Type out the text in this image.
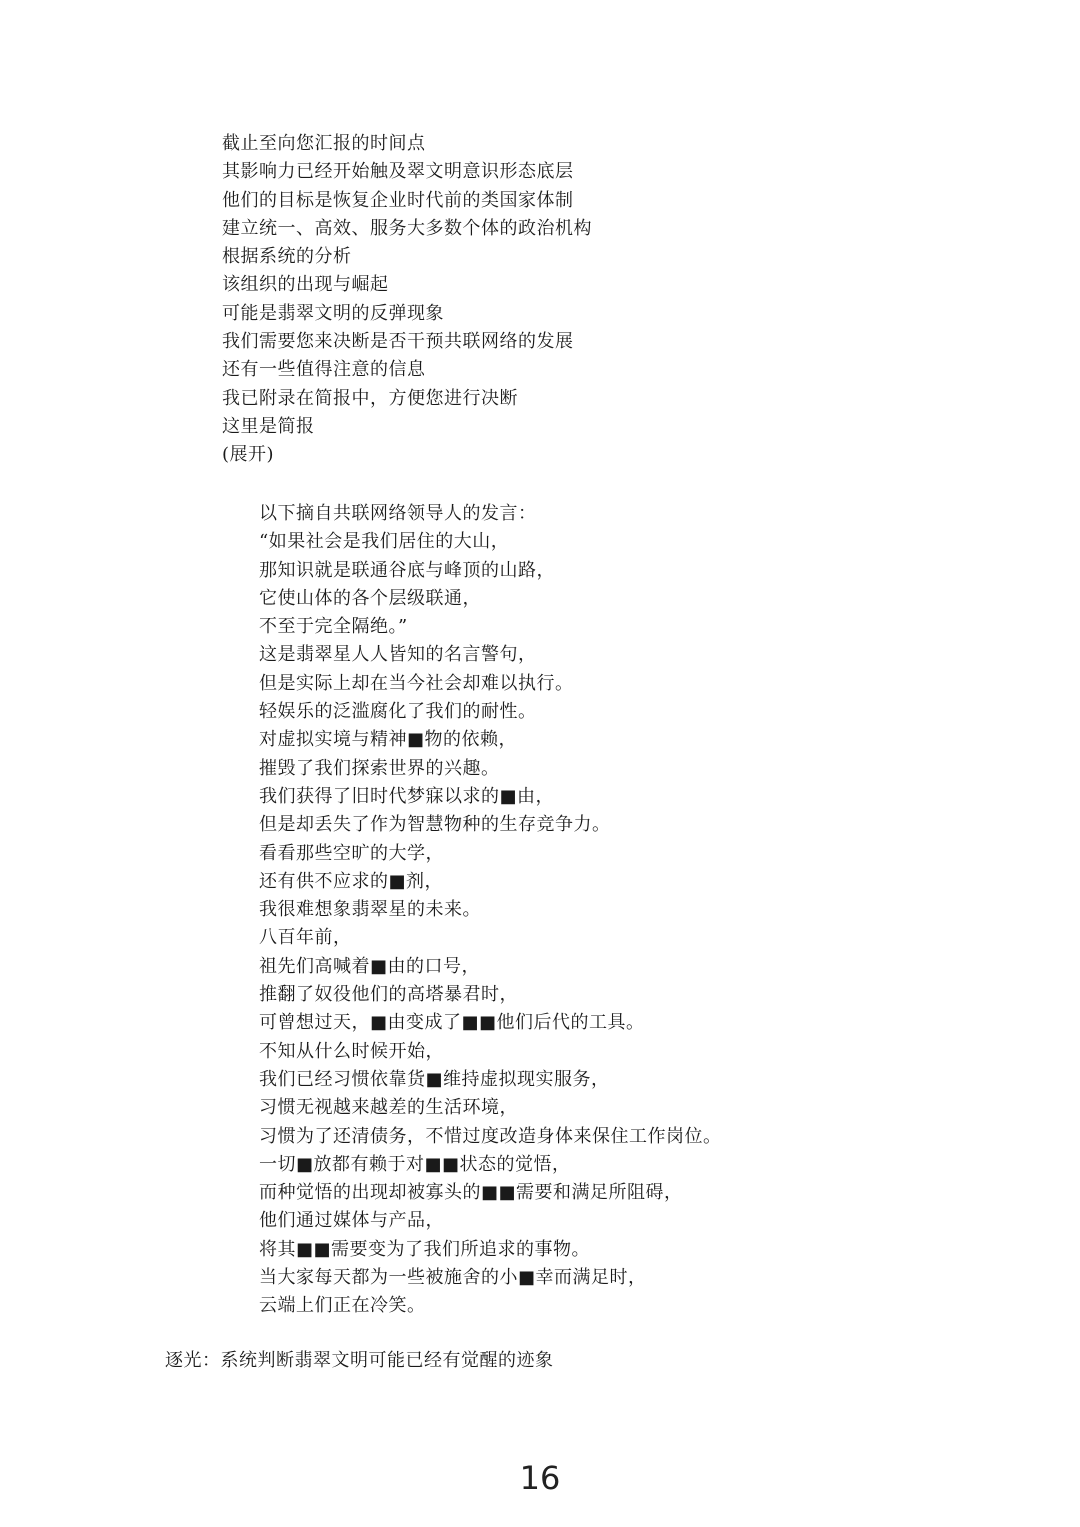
截止至向您汇报的时间点
其影响力已经开始触及翠文明意识形态底层
他们的目标是恢复企业时代前的类国家体制
建立统一、高效、服务大多数个体的政治机构
根据系统的分析
该组织的出现与崛起
可能是翡翠文明的反弹现象
我们需要您来决断是否干预共联网络的发展
还有一些值得注意的信息
我已附录在简报中，方便您进行决断
这里是简报
(展开)
以下摘自共联网络领导人的发言：
“如果社会是我们居住的大山，
那知识就是联通谷底与峰顶的山路，
它使山体的各个层级联通，
不至于完全隔绝。”
这是翡翠星人人皆知的名言警句，
但是实际上却在当今社会却难以执行。
轻娱乐的泛滥腐化了我们的耐性。
对虚拟实境与精神■物的依赖，
摧毁了我们探索世界的兴趣。
我们获得了旧时代梦寐以求的■由，
但是却丢失了作为智慧物种的生存竞争力。
看看那些空旷的大学，
还有供不应求的■剂，
我很难想象翡翠星的未来。
八百年前，
祖先们高喊着■由的口号，
推翻了奴役他们的高塔暴君时，
可曾想过天，■由变成了■■他们后代的工具。
不知从什么时候开始，
我们已经习惯依靠货■维持虚拟现实服务，
习惯无视越来越差的生活环境，
习惯为了还清债务，不惜过度改造身体来保住工作岗位。
一切■放都有赖于对■■状态的觉悟，
而种觉悟的出现却被寡头的■■需要和满足所阻碍，
他们通过媒体与产品，
将其■■需要变为了我们所追求的事物。
当大家每天都为一些被施舍的小■幸而满足时，
云端上们正在冷笑。
逐光：系统判断翡翠文明可能已经有觉醒的迹象
16
